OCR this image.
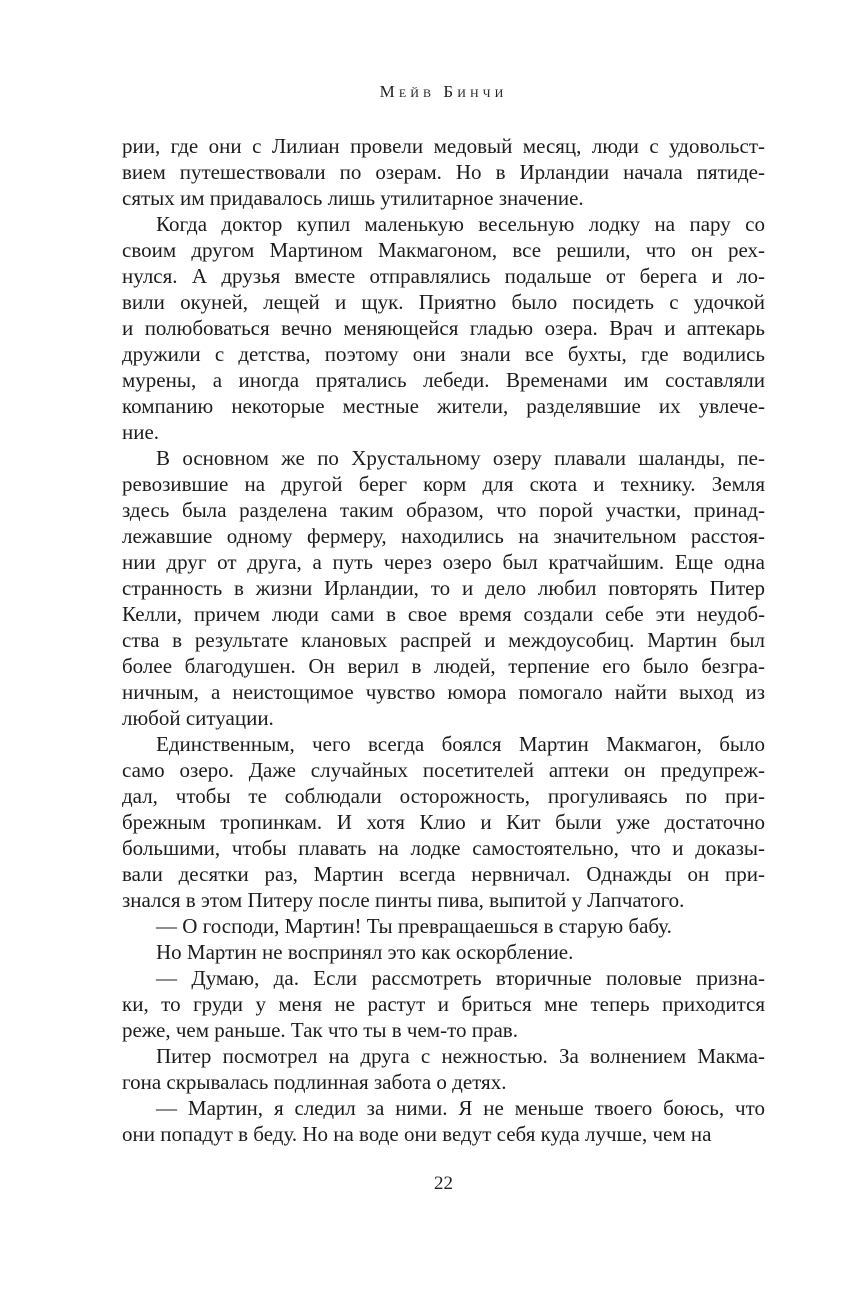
Мейв Бинчи
рии, где они с Лилиан провели медовый месяц, люди с удовольст-
вием путешествовали по озерам. Но в Ирландии начала пятиде-
сятых им придавалось лишь утилитарное значение.
Когда доктор купил маленькую весельную лодку на пару со
своим другом Мартином Макмагоном, все решили, что он рех-
нулся. А друзья вместе отправлялись подальше от берега и ло-
вили окуней, лещей и щук. Приятно было посидеть с удочкой
и полюбоваться вечно меняющейся гладью озера. Врач и аптекарь
дружили с детства, поэтому они знали все бухты, где водились
мурены, а иногда прятались лебеди. Временами им составляли
компанию некоторые местные жители, разделявшие их увлече-
ние.
В основном же по Хрустальному озеру плавали шаланды, пе-
ревозившие на другой берег корм для скота и технику. Земля
здесь была разделена таким образом, что порой участки, принад-
лежавшие одному фермеру, находились на значительном расстоя-
нии друг от друга, а путь через озеро был кратчайшим. Еще одна
странность в жизни Ирландии, то и дело любил повторять Питер
Келли, причем люди сами в свое время создали себе эти неудоб-
ства в результате клановых распрей и междоусобиц. Мартин был
более благодушен. Он верил в людей, терпение его было безгра-
ничным, а неистощимое чувство юмора помогало найти выход из
любой ситуации.
Единственным, чего всегда боялся Мартин Макмагон, было
само озеро. Даже случайных посетителей аптеки он предупреж-
дал, чтобы те соблюдали осторожность, прогуливаясь по при-
брежным тропинкам. И хотя Клио и Кит были уже достаточно
большими, чтобы плавать на лодке самостоятельно, что и доказы-
вали десятки раз, Мартин всегда нервничал. Однажды он при-
знался в этом Питеру после пинты пива, выпитой у Лапчатого.
— О господи, Мартин! Ты превращаешься в старую бабу.
Но Мартин не воспринял это как оскорбление.
— Думаю, да. Если рассмотреть вторичные половые призна-
ки, то груди у меня не растут и бриться мне теперь приходится
реже, чем раньше. Так что ты в чем-то прав.
Питер посмотрел на друга с нежностью. За волнением Макма-
гона скрывалась подлинная забота о детях.
— Мартин, я следил за ними. Я не меньше твоего боюсь, что
они попадут в беду. Но на воде они ведут себя куда лучше, чем на
22
